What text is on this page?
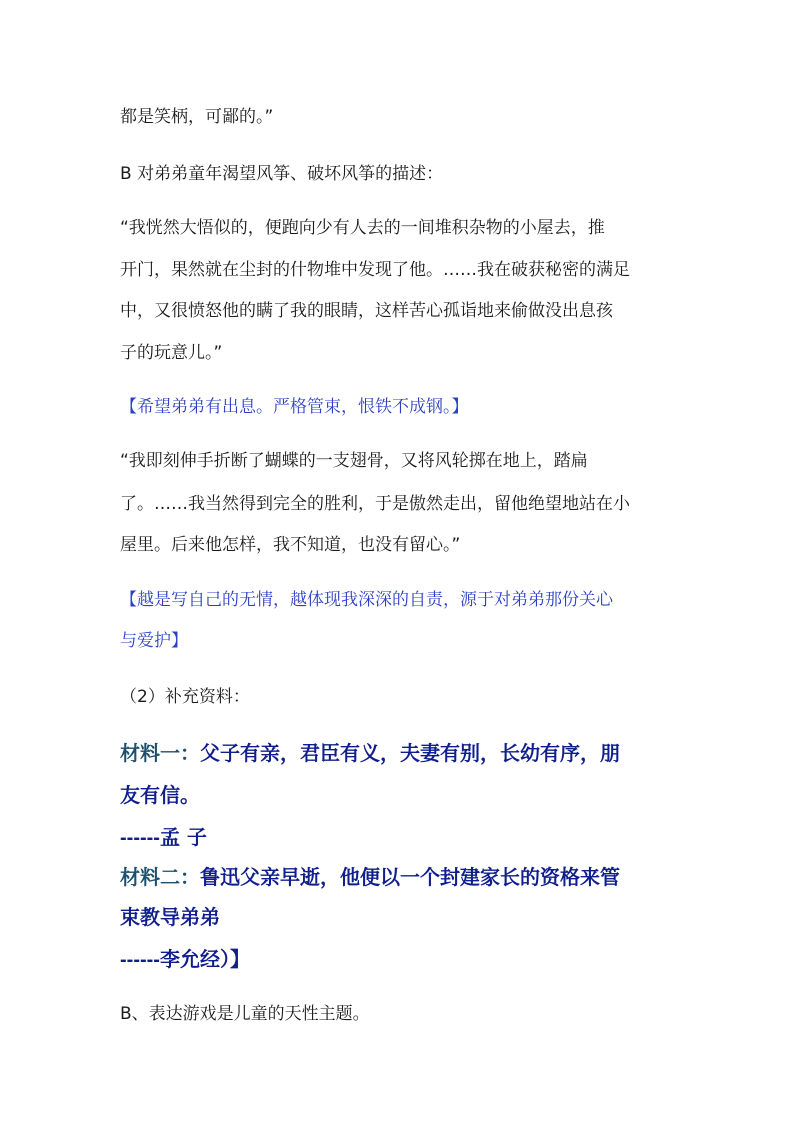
都是笑柄，可鄙的。”
B 对弟弟童年渴望风筝、破坏风筝的描述：
“我恍然大悟似的，便跑向少有人去的一间堆积杂物的小屋去，推
开门，果然就在尘封的什物堆中发现了他。……我在破获秘密的满足
中，又很愤怒他的瞒了我的眼睛，这样苦心孤诣地来偷做没出息孩
子的玩意儿。”
【希望弟弟有出息。严格管束，恨铁不成钢。】
“我即刻伸手折断了蝴蝶的一支翅骨，又将风轮掷在地上，踏扁
了。……我当然得到完全的胜利，于是傲然走出，留他绝望地站在小
屋里。后来他怎样，我不知道，也没有留心。”
【越是写自己的无情，越体现我深深的自责，源于对弟弟那份关心
与爱护】
（2）补充资料：
材料一：父子有亲，君臣有义，夫妻有别，长幼有序，朋
友有信。
------孟 子
材料二：鲁迅父亲早逝，他便以一个封建家长的资格来管
束教导弟弟
------李允经）】
B、表达游戏是儿童的天性主题。
